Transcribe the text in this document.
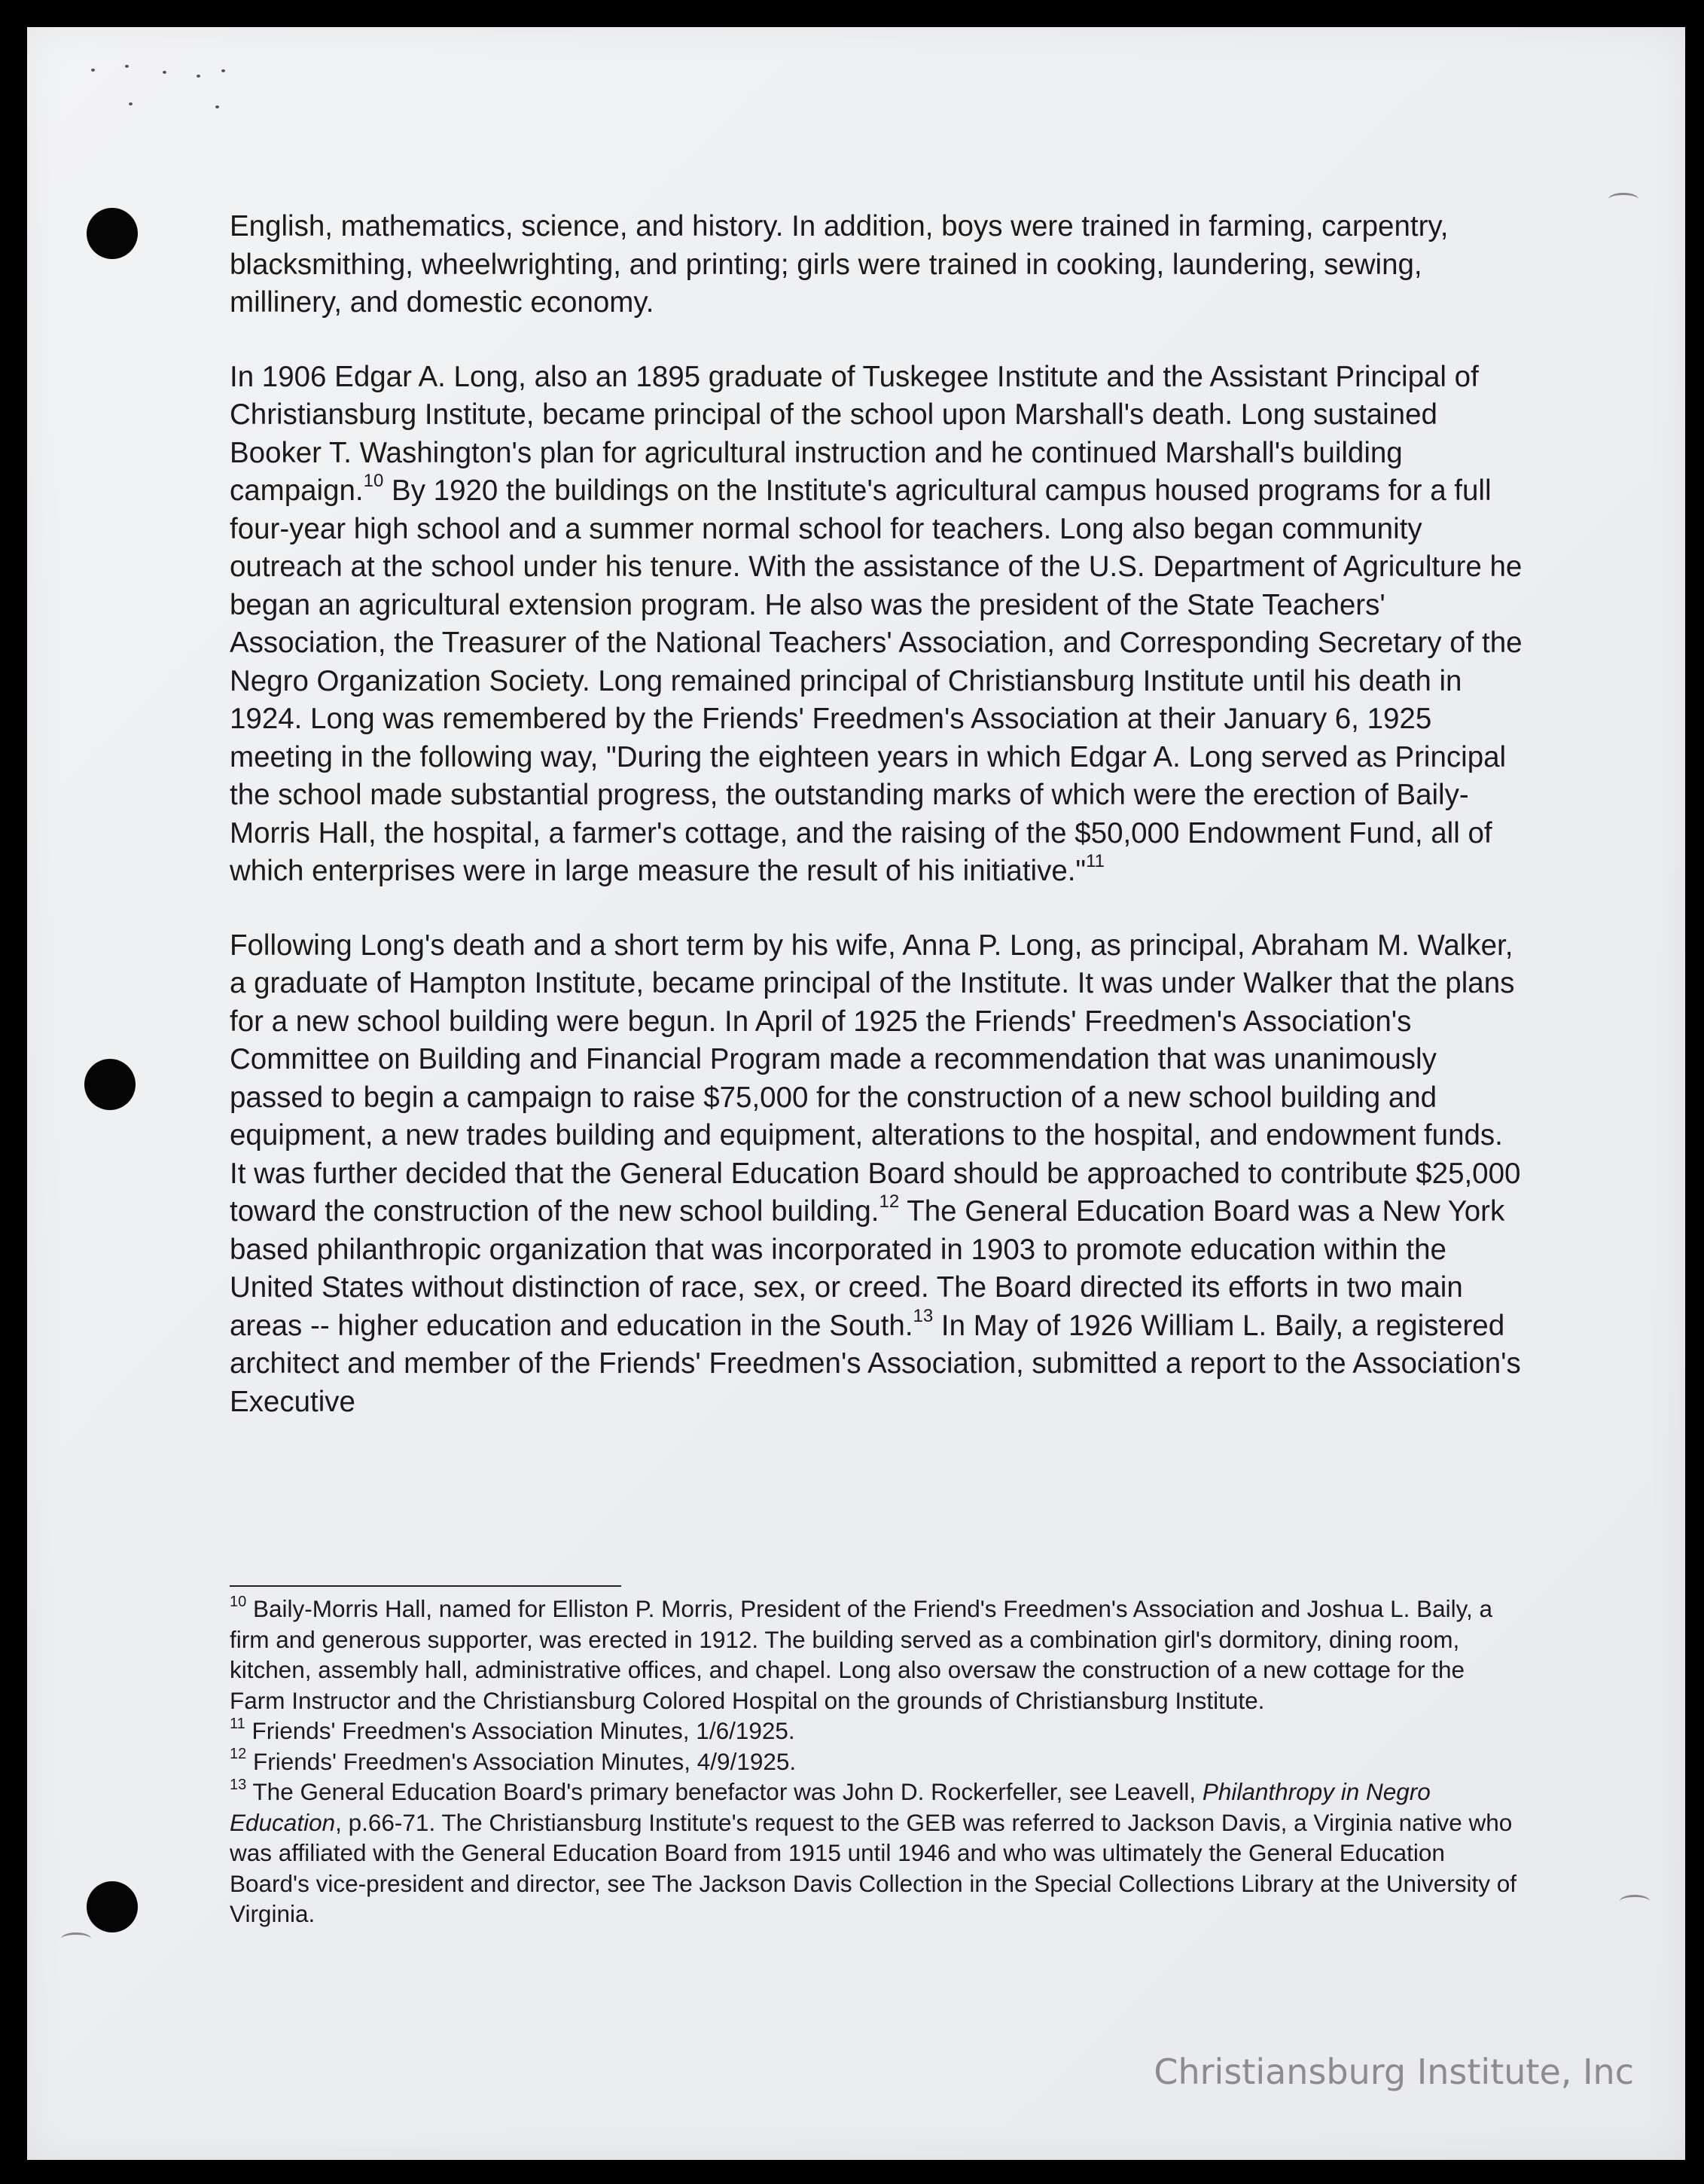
English, mathematics, science, and history. In addition, boys were trained in farming, carpentry, blacksmithing, wheelwrighting, and printing; girls were trained in cooking, laundering, sewing, millinery, and domestic economy.

In 1906 Edgar A. Long, also an 1895 graduate of Tuskegee Institute and the Assistant Principal of Christiansburg Institute, became principal of the school upon Marshall's death. Long sustained Booker T. Washington's plan for agricultural instruction and he continued Marshall's building campaign.$^{10}$ By 1920 the buildings on the Institute's agricultural campus housed programs for a full four-year high school and a summer normal school for teachers. Long also began community outreach at the school under his tenure. With the assistance of the U.S. Department of Agriculture he began an agricultural extension program. He also was the president of the State Teachers' Association, the Treasurer of the National Teachers' Association, and Corresponding Secretary of the Negro Organization Society. Long remained principal of Christiansburg Institute until his death in 1924. Long was remembered by the Friends' Freedmen's Association at their January 6, 1925 meeting in the following way, "During the eighteen years in which Edgar A. Long served as Principal the school made substantial progress, the outstanding marks of which were the erection of Baily-Morris Hall, the hospital, a farmer's cottage, and the raising of the $50,000 Endowment Fund, all of which enterprises were in large measure the result of his initiative."$^{11}$

Following Long's death and a short term by his wife, Anna P. Long, as principal, Abraham M. Walker, a graduate of Hampton Institute, became principal of the Institute. It was under Walker that the plans for a new school building were begun. In April of 1925 the Friends' Freedmen's Association's Committee on Building and Financial Program made a recommendation that was unanimously passed to begin a campaign to raise $75,000 for the construction of a new school building and equipment, a new trades building and equipment, alterations to the hospital, and endowment funds. It was further decided that the General Education Board should be approached to contribute $25,000 toward the construction of the new school building.$^{12}$ The General Education Board was a New York based philanthropic organization that was incorporated in 1903 to promote education within the United States without distinction of race, sex, or creed. The Board directed its efforts in two main areas -- higher education and education in the South.$^{13}$ In May of 1926 William L. Baily, a registered architect and member of the Friends' Freedmen's Association, submitted a report to the Association's Executive

$^{10}$ Baily-Morris Hall, named for Elliston P. Morris, President of the Friend's Freedmen's Association and Joshua L. Baily, a firm and generous supporter, was erected in 1912. The building served as a combination girl's dormitory, dining room, kitchen, assembly hall, administrative offices, and chapel. Long also oversaw the construction of a new cottage for the Farm Instructor and the Christiansburg Colored Hospital on the grounds of Christiansburg Institute.

$^{11}$ Friends' Freedmen's Association Minutes, 1/6/1925.

$^{12}$ Friends' Freedmen's Association Minutes, 4/9/1925.

$^{13}$ The General Education Board's primary benefactor was John D. Rockerfeller, see Leavell, Philanthropy in Negro Education, p.66-71. The Christiansburg Institute's request to the GEB was referred to Jackson Davis, a Virginia native who was affiliated with the General Education Board from 1915 until 1946 and who was ultimately the General Education Board's vice-president and director, see The Jackson Davis Collection in the Special Collections Library at the University of Virginia.

Christiansburg Institute, Inc
